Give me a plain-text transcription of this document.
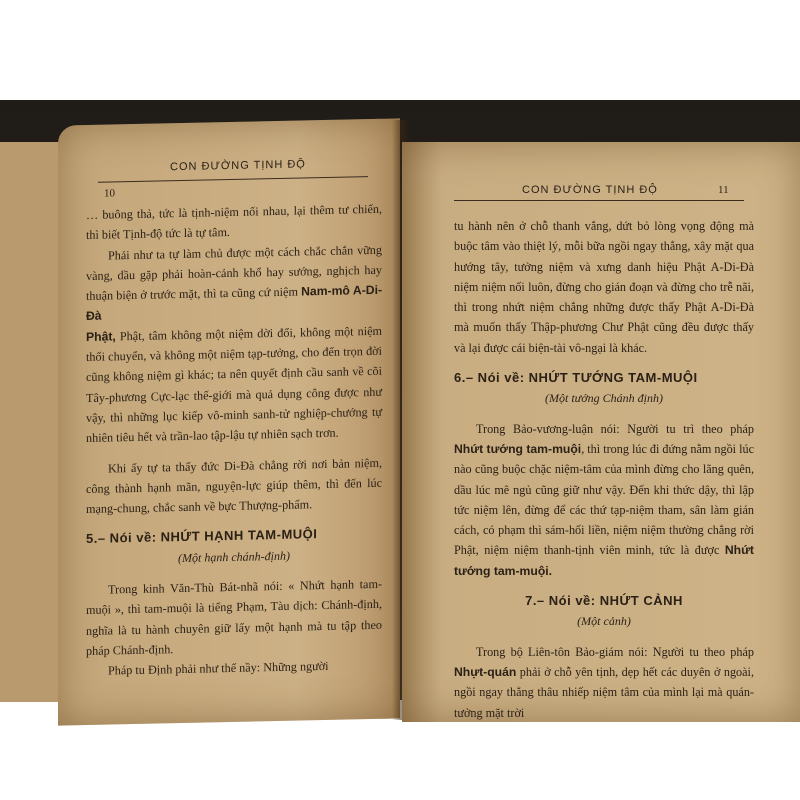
CON ĐƯỜNG TỊNH ĐỘ
10

… buông thả, tức là tịnh-niệm nối nhau, lại thêm tư chiến, thì biết Tịnh-độ tức là tự tâm.

Phải như ta tự làm chủ được một cách chắc chắn vững vàng, dầu gặp phải hoàn-cảnh khổ hay sướng, nghịch hay thuận biện ở trước mặt, thì ta cũng cứ niệm Nam-mô A-Di-Đà
Phật, Phật, tâm không một niệm dời đổi, không một niệm thối chuyển, và không một niệm tạp-tưởng, cho đến trọn đời cũng không niệm gì khác; ta nên quyết định cầu sanh về cõi Tây-phương Cực-lạc thế-giới mà quả dụng công được như vậy, thì những lục kiếp vô-minh sanh-tử nghiệp-chướng tự nhiên tiêu hết và trần-lao tập-lậu tự nhiên sạch trơn.

Khi ấy tự ta thấy đức Di-Đà chẳng rời nơi bản niệm, công thành hạnh mãn, nguyện-lực giúp thêm, thì đến lúc mạng-chung, chắc sanh về bực Thượng-phẩm.

5.– Nói về: NHỨT HẠNH TAM-MUỘI
(Một hạnh chánh-định)

Trong kinh Văn-Thù Bát-nhã nói: « Nhứt hạnh tam-muội », thì tam-muội là tiếng Phạm, Tàu dịch: Chánh-định, nghĩa là tu hành chuyên giữ lấy một hạnh mà tu tập theo pháp Chánh-định.

Pháp tu Định phải như thế nầy: Những người

CON ĐƯỜNG TỊNH ĐỘ	11

tu hành nên ở chỗ thanh vắng, dứt bỏ lòng vọng động mà buộc tâm vào thiệt lý, mỗi bữa ngồi ngay thẳng, xây mặt qua hướng tây, tưởng niệm và xưng danh hiệu Phật A-Di-Đà niệm niệm nối luôn, đừng cho gián đoạn và đừng cho trễ nãi, thì trong nhứt niệm chẳng những được thấy Phật A-Di-Đà mà muốn thấy Thập-phương Chư Phật cũng đều được thấy và lại được cái biện-tài vô-ngại là khác.

6.– Nói về: NHỨT TƯỚNG TAM-MUỘI
(Một tướng Chánh định)

Trong Bảo-vương-luận nói: Người tu trì theo pháp Nhứt tướng tam-muội, thì trong lúc đi đứng nằm ngồi lúc nào cũng buộc chặc niệm-tâm của mình đừng cho lãng quên, dầu lúc mê ngủ cũng giữ như vậy. Đến khi thức dậy, thì lập tức niệm lên, đừng để các thứ tạp-niệm tham, sân làm gián cách, có phạm thì sám-hối liền, niệm niệm thường chẳng rời Phật, niệm niệm thanh-tịnh viên minh, tức là được Nhứt tướng tam-muội.

7.– Nói về: NHỨT CẢNH
(Một cảnh)

Trong bộ Liên-tôn Bảo-giám nói: Người tu theo pháp Nhựt-quán phải ở chỗ yên tịnh, dẹp hết các duyên ở ngoài, ngồi ngay thẳng thâu nhiếp niệm tâm của mình lại mà quán-tưởng mặt trời
